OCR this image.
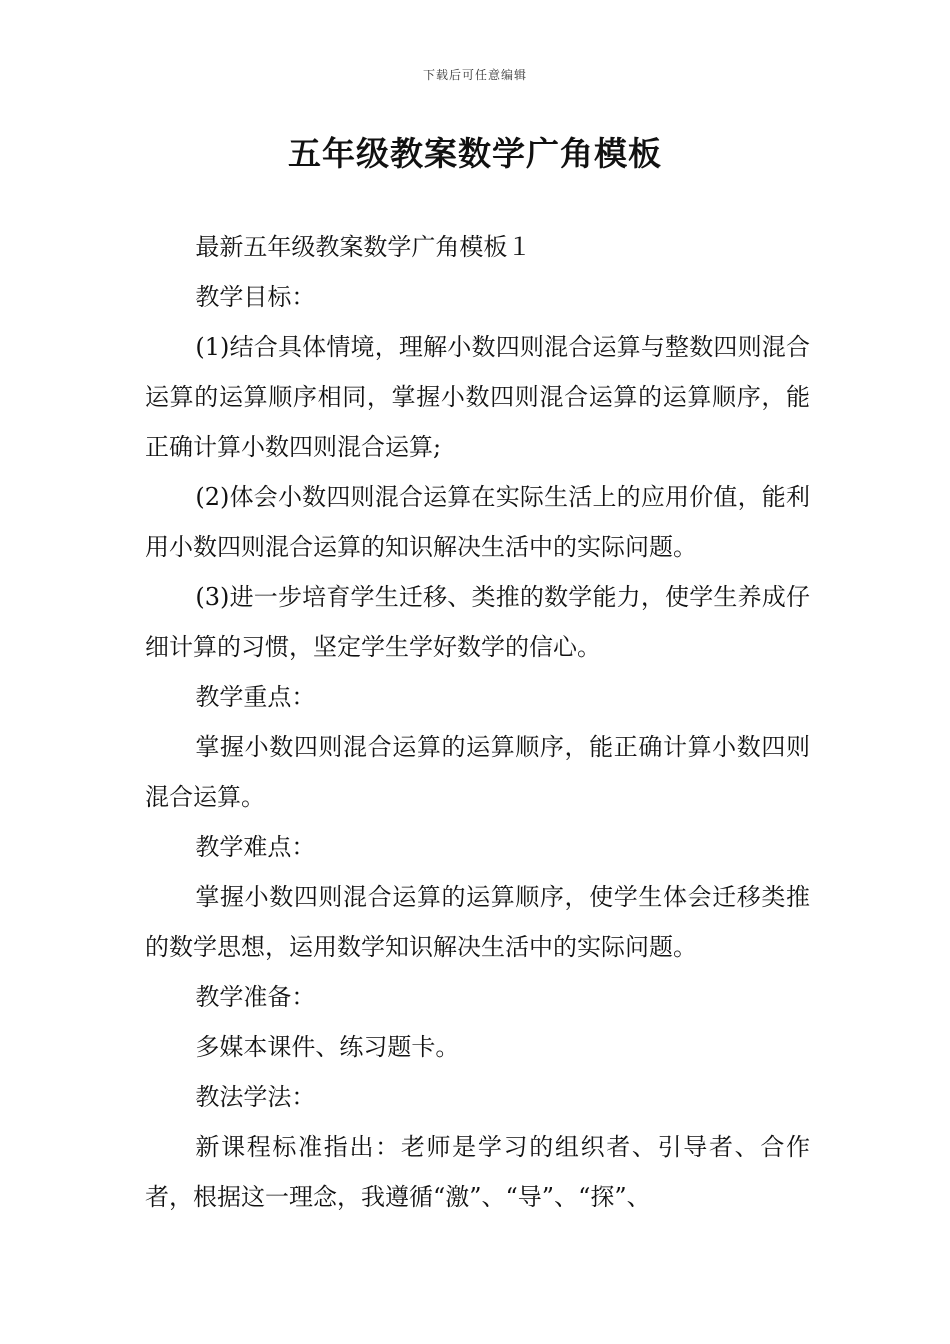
下载后可任意编辑
五年级教案数学广角模板

最新五年级教案数学广角模板１

教学目标：

(1)结合具体情境，理解小数四则混合运算与整数四则混合运算的运算顺序相同，掌握小数四则混合运算的运算顺序，能正确计算小数四则混合运算;

(2)体会小数四则混合运算在实际生活上的应用价值，能利用小数四则混合运算的知识解决生活中的实际问题。

(3)进一步培育学生迁移、类推的数学能力，使学生养成仔细计算的习惯，坚定学生学好数学的信心。

教学重点：

掌握小数四则混合运算的运算顺序，能正确计算小数四则混合运算。

教学难点：

掌握小数四则混合运算的运算顺序，使学生体会迁移类推的数学思想，运用数学知识解决生活中的实际问题。

教学准备：

多媒本课件、练习题卡。

教法学法：

新课程标准指出：老师是学习的组织者、引导者、合作者，根据这一理念，我遵循“激”、“导”、“探”、
